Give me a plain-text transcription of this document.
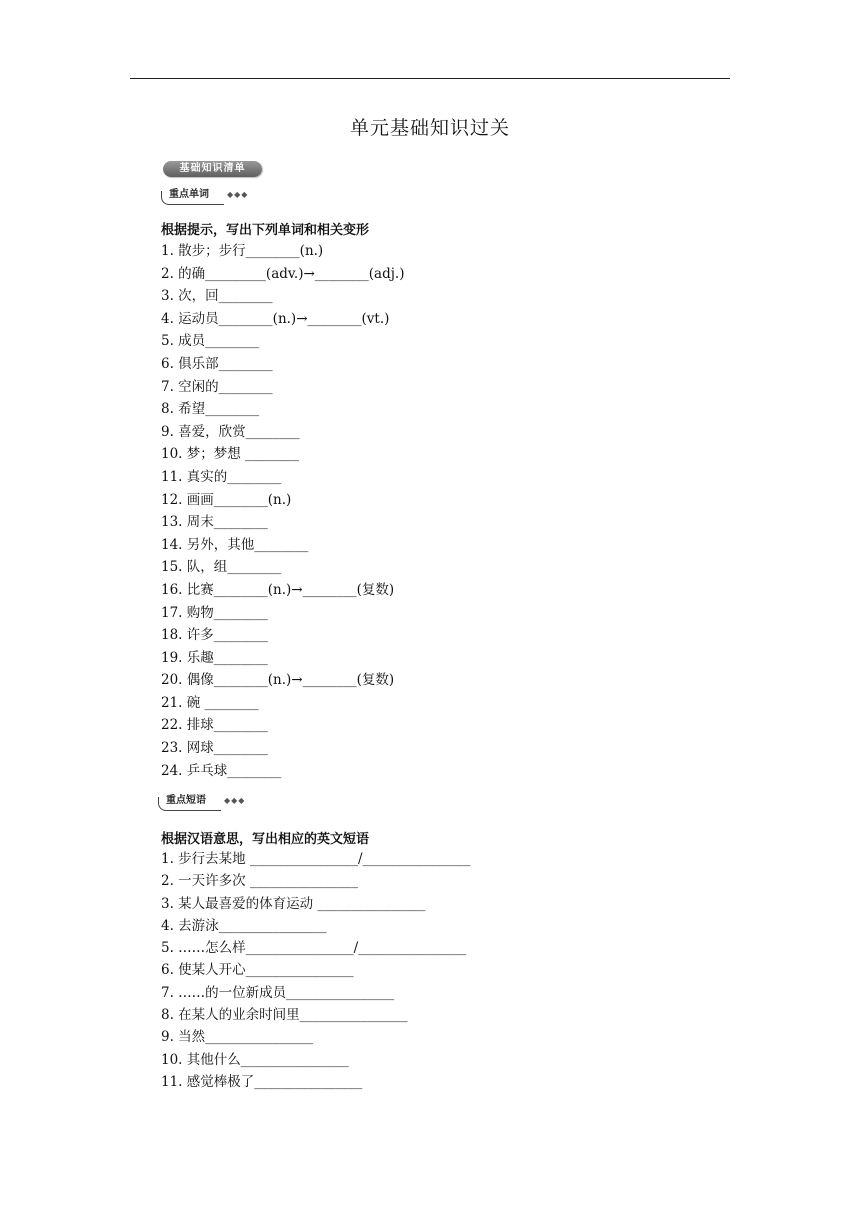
单元基础知识过关
基础知识清单
重点单词 ◆◆◆
根据提示，写出下列单词和相关变形
1. 散步；步行________(n.)
2. 的确_________(adv.)→________(adj.)
3. 次，回________
4. 运动员________(n.)→________(vt.)
5. 成员________
6. 俱乐部________
7. 空闲的________
8. 希望________
9. 喜爱，欣赏________
10. 梦；梦想 ________
11. 真实的________
12. 画画________(n.)
13. 周末________
14. 另外，其他________
15. 队，组________
16. 比赛________(n.)→________(复数)
17. 购物________
18. 许多________
19. 乐趣________
20. 偶像________(n.)→________(复数)
21. 碗 ________
22. 排球________
23. 网球________
24. 乒乓球________
重点短语 ◆◆◆
根据汉语意思，写出相应的英文短语
1. 步行去某地 ________________/________________
2. 一天许多次 ________________
3. 某人最喜爱的体育运动 ________________
4. 去游泳________________
5. ……怎么样________________/________________
6. 使某人开心________________
7. ……的一位新成员________________
8. 在某人的业余时间里________________
9. 当然________________
10. 其他什么________________
11. 感觉棒极了________________
